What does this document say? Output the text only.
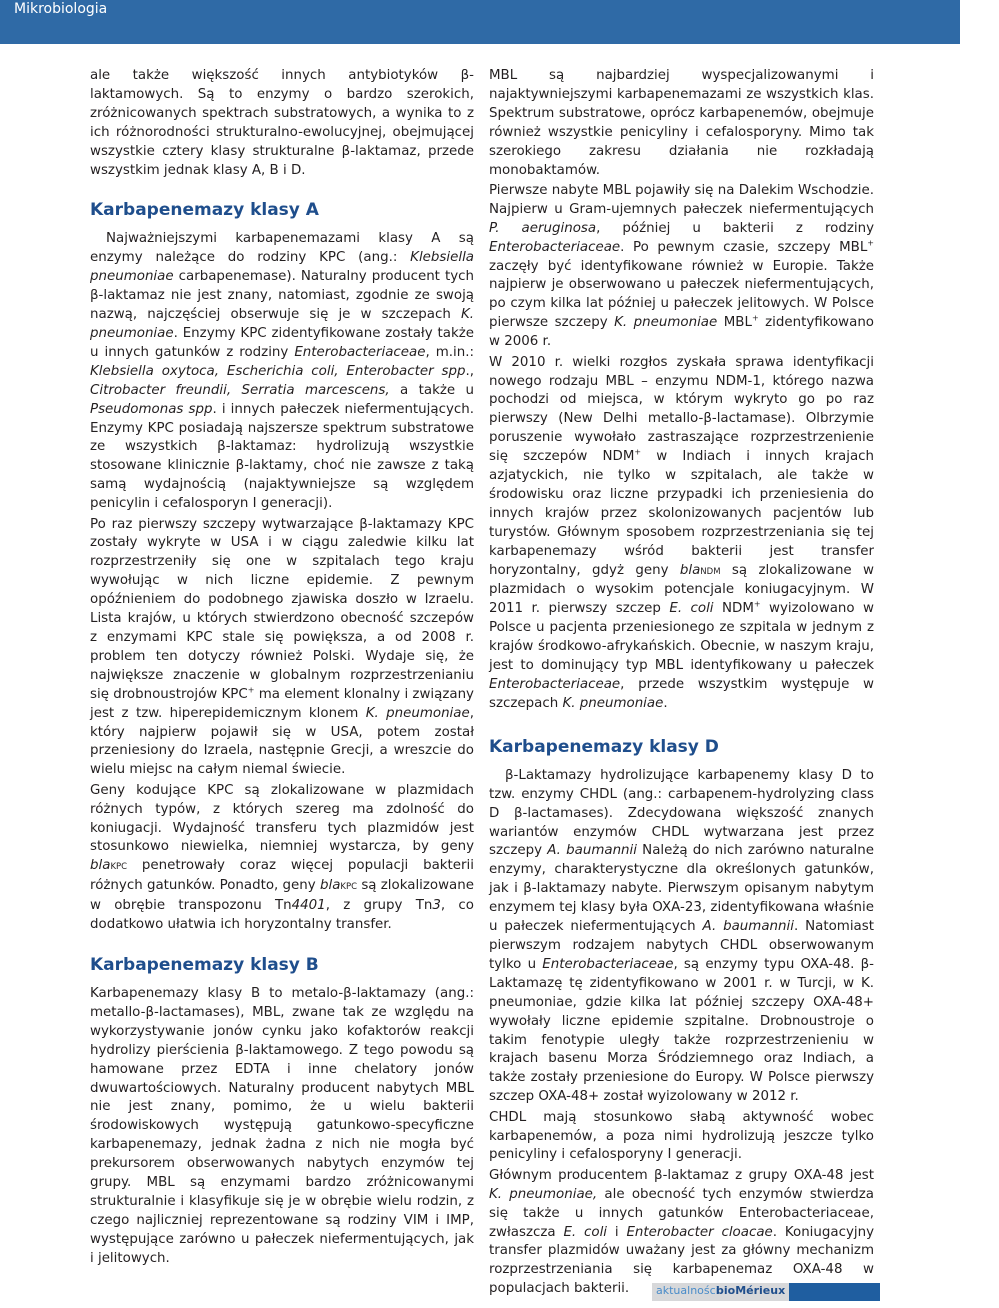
Mikrobiologia

ale także większość innych antybiotyków β-laktamowych. Są to enzymy o bardzo szerokich, zróżnicowanych spektrach substratowych, a wynika to z ich różnorodności strukturalno-ewolucyjnej, obejmującej wszystkie cztery klasy strukturalne β-laktamaz, przede wszystkim jednak klasy A, B i D.

Karbapenemazy klasy A

Najważniejszymi karbapenemazami klasy A są enzymy należące do rodziny KPC (ang.: Klebsiella pneumoniae carbapenemase). Naturalny producent tych β-laktamaz nie jest znany, natomiast, zgodnie ze swoją nazwą, najczęściej obserwuje się je w szczepach K. pneumoniae. Enzymy KPC zidentyfikowane zostały także u innych gatunków z rodziny Enterobacteriaceae, m.in.: Klebsiella oxytoca, Escherichia coli, Enterobacter spp., Citrobacter freundii, Serratia marcescens, a także u Pseudomonas spp. i innych pałeczek niefermentujących. Enzymy KPC posiadają najszersze spektrum substratowe ze wszystkich β-laktamaz: hydrolizują wszystkie stosowane klinicznie β-laktamy, choć nie zawsze z taką samą wydajnością (najaktywniejsze są względem penicylin i cefalosporyn I generacji).

Po raz pierwszy szczepy wytwarzające β-laktamazy KPC zostały wykryte w USA i w ciągu zaledwie kilku lat rozprzestrzeniły się one w szpitalach tego kraju wywołując w nich liczne epidemie. Z pewnym opóźnieniem do podobnego zjawiska doszło w Izraelu. Lista krajów, u których stwierdzono obecność szczepów z enzymami KPC stale się powiększa, a od 2008 r. problem ten dotyczy również Polski. Wydaje się, że największe znaczenie w globalnym rozprzestrzenianiu się drobnoustrojów KPC+ ma element klonalny i związany jest z tzw. hiperepidemicznym klonem K. pneumoniae, który najpierw pojawił się w USA, potem został przeniesiony do Izraela, następnie Grecji, a wreszcie do wielu miejsc na całym niemal świecie.

Geny kodujące KPC są zlokalizowane w plazmidach różnych typów, z których szereg ma zdolność do koniugacji. Wydajność transferu tych plazmidów jest stosunkowo niewielka, niemniej wystarcza, by geny blaKPC penetrowały coraz więcej populacji bakterii różnych gatunków. Ponadto, geny blaKPC są zlokalizowane w obrębie transpozonu Tn4401, z grupy Tn3, co dodatkowo ułatwia ich horyzontalny transfer.

Karbapenemazy klasy B

Karbapenemazy klasy B to metalo-β-laktamazy (ang.: metallo-β-lactamases), MBL, zwane tak ze względu na wykorzystywanie jonów cynku jako kofaktorów reakcji hydrolizy pierścienia β-laktamowego. Z tego powodu są hamowane przez EDTA i inne chelatory jonów dwuwartościowych. Naturalny producent nabytych MBL nie jest znany, pomimo, że u wielu bakterii środowiskowych występują gatunkowo-specyficzne karbapenemazy, jednak żadna z nich nie mogła być prekursorem obserwowanych nabytych enzymów tej grupy. MBL są enzymami bardzo zróżnicowanymi strukturalnie i klasyfikuje się je w obrębie wielu rodzin, z czego najliczniej reprezentowane są rodziny VIM i IMP, występujące zarówno u pałeczek niefermentujących, jak i jelitowych.

MBL są najbardziej wyspecjalizowanymi i najaktywniejszymi karbapenemazami ze wszystkich klas. Spektrum substratowe, oprócz karbapenemów, obejmuje również wszystkie penicyliny i cefalosporyny. Mimo tak szerokiego zakresu działania nie rozkładają monobaktamów.

Pierwsze nabyte MBL pojawiły się na Dalekim Wschodzie. Najpierw u Gram-ujemnych pałeczek niefermentujących P. aeruginosa, później u bakterii z rodziny Enterobacteriaceae. Po pewnym czasie, szczepy MBL+ zaczęły być identyfikowane również w Europie. Także najpierw je obserwowano u pałeczek niefermentujących, po czym kilka lat później u pałeczek jelitowych. W Polsce pierwsze szczepy K. pneumoniae MBL+ zidentyfikowano w 2006 r.

W 2010 r. wielki rozgłos zyskała sprawa identyfikacji nowego rodzaju MBL – enzymu NDM-1, którego nazwa pochodzi od miejsca, w którym wykryto go po raz pierwszy (New Delhi metallo-β-lactamase). Olbrzymie poruszenie wywołało zastraszające rozprzestrzenienie się szczepów NDM+ w Indiach i innych krajach azjatyckich, nie tylko w szpitalach, ale także w środowisku oraz liczne przypadki ich przeniesienia do innych krajów przez skolonizowanych pacjentów lub turystów. Głównym sposobem rozprzestrzeniania się tej karbapenemazy wśród bakterii jest transfer horyzontalny, gdyż geny blaNDM są zlokalizowane w plazmidach o wysokim potencjale koniugacyjnym. W 2011 r. pierwszy szczep E. coli NDM+ wyizolowano w Polsce u pacjenta przeniesionego ze szpitala w jednym z krajów środkowo-afrykańskich. Obecnie, w naszym kraju, jest to dominujący typ MBL identyfikowany u pałeczek Enterobacteriaceae, przede wszystkim występuje w szczepach K. pneumoniae.

Karbapenemazy klasy D

β-Laktamazy hydrolizujące karbapenemy klasy D to tzw. enzymy CHDL (ang.: carbapenem-hydrolyzing class D β-lactamases). Zdecydowana większość znanych wariantów enzymów CHDL wytwarzana jest przez szczepy A. baumannii Należą do nich zarówno naturalne enzymy, charakterystyczne dla określonych gatunków, jak i β-laktamazy nabyte. Pierwszym opisanym nabytym enzymem tej klasy była OXA-23, zidentyfikowana właśnie u pałeczek niefermentujących A. baumannii. Natomiast pierwszym rodzajem nabytych CHDL obserwowanym tylko u Enterobacteriaceae, są enzymy typu OXA-48. β-Laktamazę tę zidentyfikowano w 2001 r. w Turcji, w K. pneumoniae, gdzie kilka lat później szczepy OXA-48+ wywołały liczne epidemie szpitalne. Drobnoustroje o takim fenotypie uległy także rozprzestrzenieniu w krajach basenu Morza Śródziemnego oraz Indiach, a także zostały przeniesione do Europy. W Polsce pierwszy szczep OXA-48+ został wyizolowany w 2012 r.

CHDL mają stosunkowo słabą aktywność wobec karbapenemów, a poza nimi hydrolizują jeszcze tylko penicyliny i cefalosporyny I generacji.

Głównym producentem β-laktamaz z grupy OXA-48 jest K. pneumoniae, ale obecność tych enzymów stwierdza się także u innych gatunków Enterobacteriaceae, zwłaszcza E. coli i Enterobacter cloacae. Koniugacyjny transfer plazmidów uważany jest za główny mechanizm rozprzestrzeniania się karbapenemaz OXA-48 w populacjach bakterii.	aktualności
bioMérieux	72/2015 9
